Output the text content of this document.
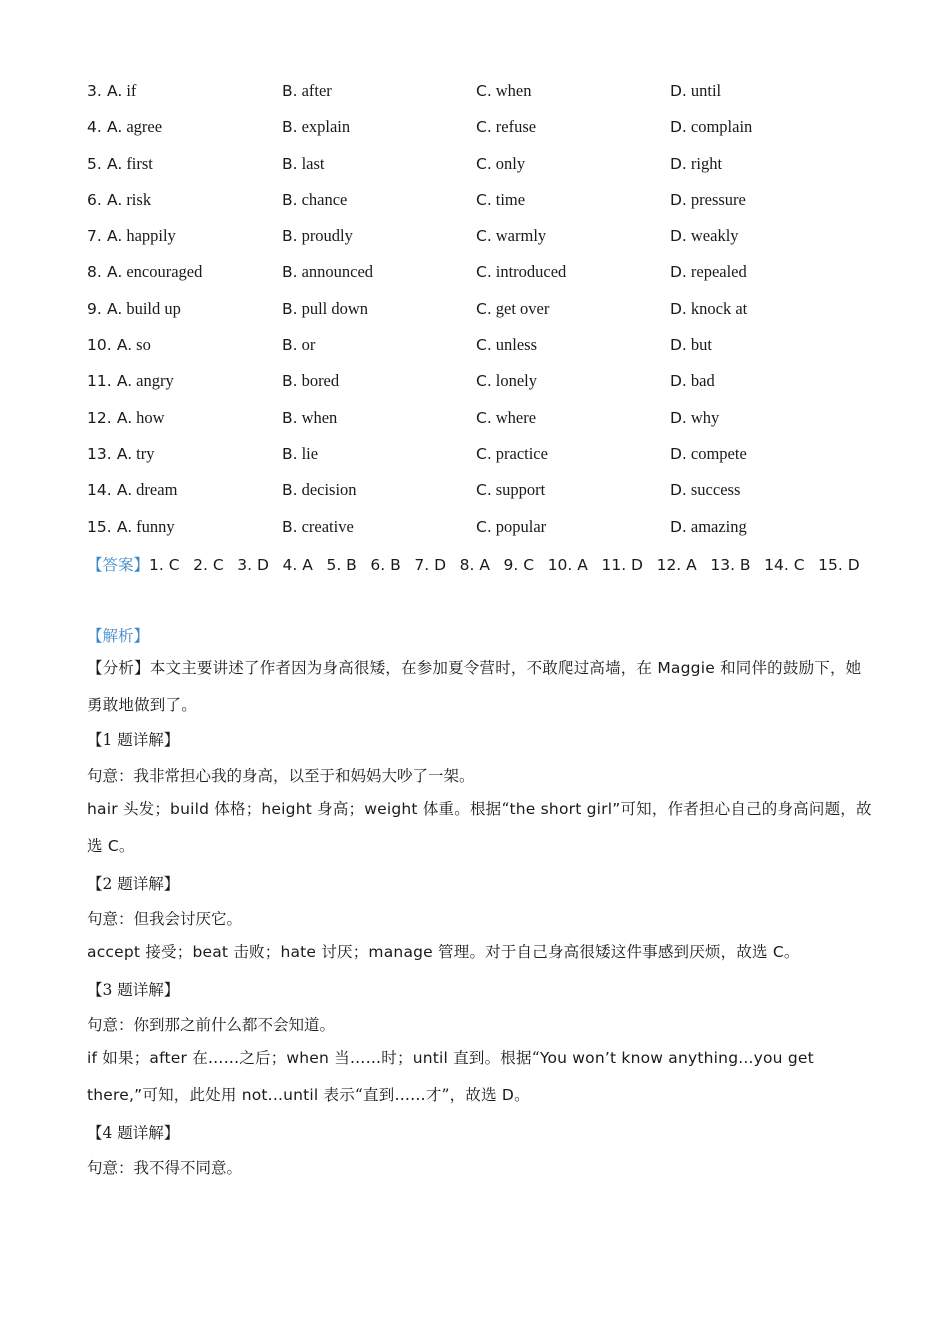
3. A. if	B. after	C. when	D. until
4. A. agree	B. explain	C. refuse	D. complain
5. A. first	B. last	C. only	D. right
6. A. risk	B. chance	C. time	D. pressure
7. A. happily	B. proudly	C. warmly	D. weakly
8. A. encouraged	B. announced	C. introduced	D. repealed
9. A. build up	B. pull down	C. get over	D. knock at
10. A. so	B. or	C. unless	D. but
11. A. angry	B. bored	C. lonely	D. bad
12. A. how	B. when	C. where	D. why
13. A. try	B. lie	C. practice	D. compete
14. A. dream	B. decision	C. support	D. success
15. A. funny	B. creative	C. popular	D. amazing
【答案】1. C 2. C 3. D 4. A 5. B 6. B 7. D 8. A 9. C 10. A 11. D 12. A 13. B 14. C 15. D
【解析】
【分析】本文主要讲述了作者因为身高很矮，在参加夏令营时，不敢爬过高墙，在 Maggie 和同伴的鼓励下，她勇敢地做到了。
【1 题详解】
句意：我非常担心我的身高，以至于和妈妈大吵了一架。
hair 头发；build 体格；height 身高；weight 体重。根据“the short girl”可知，作者担心自己的身高问题，故选 C。
【2 题详解】
句意：但我会讨厌它。
accept 接受；beat 击败；hate 讨厌；manage 管理。对于自己身高很矮这件事感到厌烦，故选 C。
【3 题详解】
句意：你到那之前什么都不会知道。
if 如果；after 在……之后；when 当……时；until 直到。根据“You won’t know anything...you get there,”可知，此处用 not...until 表示“直到……才”，故选 D。
【4 题详解】
句意：我不得不同意。
